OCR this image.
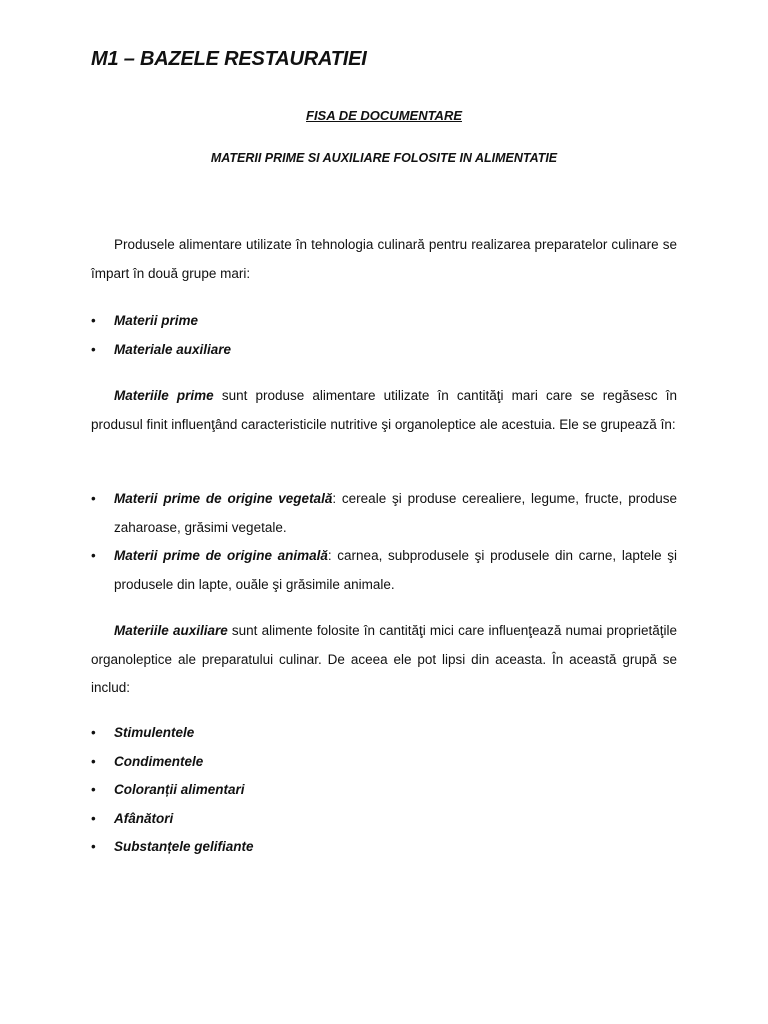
M1 – BAZELE RESTAURATIEI
FISA DE DOCUMENTARE
MATERII PRIME SI AUXILIARE FOLOSITE IN ALIMENTATIE

Produsele alimentare utilizate în tehnologia culinară pentru realizarea preparatelor culinare se împart în două grupe mari:

• Materii prime
• Materiale auxiliare

Materiile prime sunt produse alimentare utilizate în cantităţi mari care se regăsesc în produsul finit influenţând caracteristicile nutritive şi organoleptice ale acestuia. Ele se grupează în:

• Materii prime de origine vegetală: cereale şi produse cerealiere, legume, fructe, produse zaharoase, grăsimi vegetale.
• Materii prime de origine animală: carnea, subprodusele şi produsele din carne, laptele şi produsele din lapte, ouăle şi grăsimile animale.

Materiile auxiliare sunt alimente folosite în cantităţi mici care influenţează numai proprietăţile organoleptice ale preparatului culinar. De aceea ele pot lipsi din aceasta. În această grupă se includ:

• Stimulentele
• Condimentele
• Coloranții alimentari
• Afânători
• Substanțele gelifiante
